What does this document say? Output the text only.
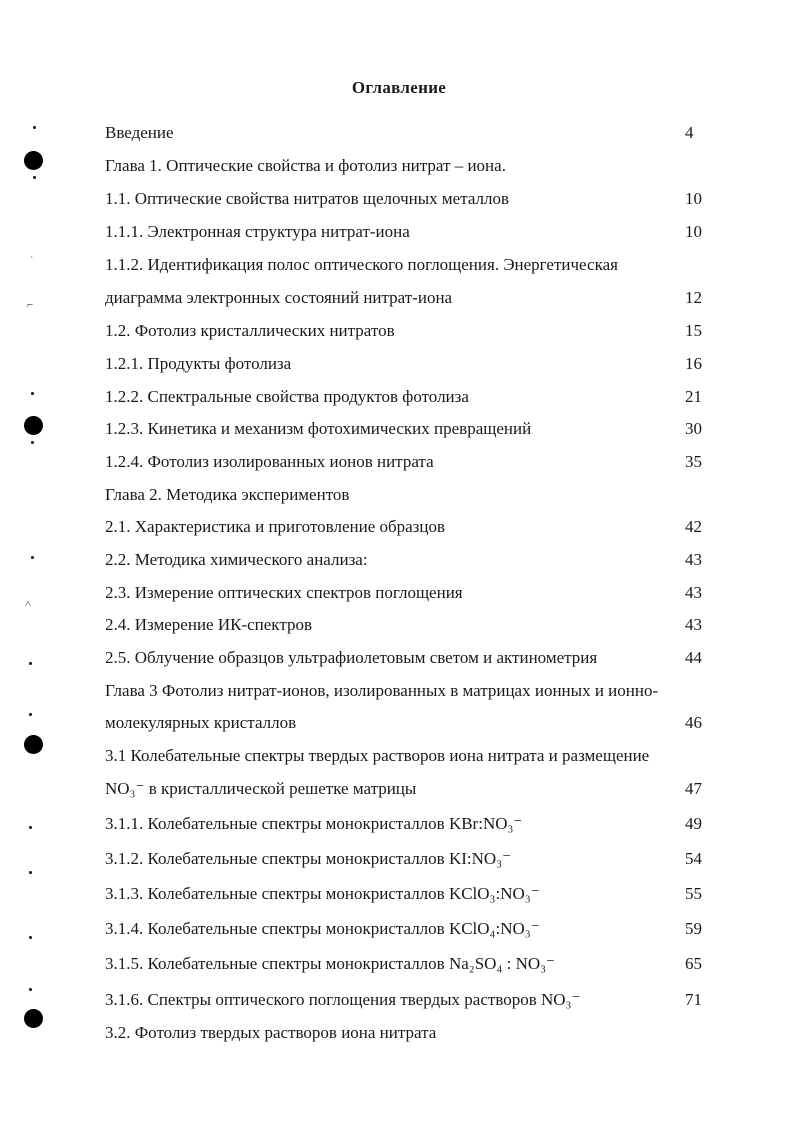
Оглавление
Введение	4
Глава 1. Оптические свойства и фотолиз нитрат – иона.
1.1. Оптические свойства нитратов щелочных металлов	10
1.1.1. Электронная структура нитрат-иона	10
1.1.2. Идентификация полос оптического поглощения. Энергетическая
диаграмма электронных состояний нитрат-иона	12
1.2. Фотолиз кристаллических нитратов	15
1.2.1. Продукты фотолиза	16
1.2.2. Спектральные свойства продуктов фотолиза	21
1.2.3. Кинетика и механизм фотохимических превращений	30
1.2.4. Фотолиз изолированных ионов нитрата	35
Глава 2. Методика экспериментов
2.1. Характеристика и приготовление образцов	42
2.2. Методика химического анализа:	43
2.3. Измерение оптических спектров поглощения	43
2.4. Измерение ИК-спектров	43
2.5. Облучение образцов ультрафиолетовым светом и актинометрия	44
Глава 3 Фотолиз нитрат-ионов, изолированных в матрицах ионных и ионно-
молекулярных кристаллов	46
3.1 Колебательные спектры твердых растворов иона нитрата и размещение
NO₃⁻ в кристаллической решетке матрицы	47
3.1.1. Колебательные спектры монокристаллов KBr:NO₃⁻	49
3.1.2. Колебательные спектры монокристаллов KI:NO₃⁻	54
3.1.3. Колебательные спектры монокристаллов KClO₃:NO₃⁻	55
3.1.4. Колебательные спектры монокристаллов KClO₄:NO₃⁻	59
3.1.5. Колебательные спектры монокристаллов Na₂SO₄ : NO₃⁻	65
3.1.6. Спектры оптического поглощения твердых растворов NO₃⁻	71
3.2. Фотолиз твердых растворов иона нитрата
ˈ
⌐
˄
